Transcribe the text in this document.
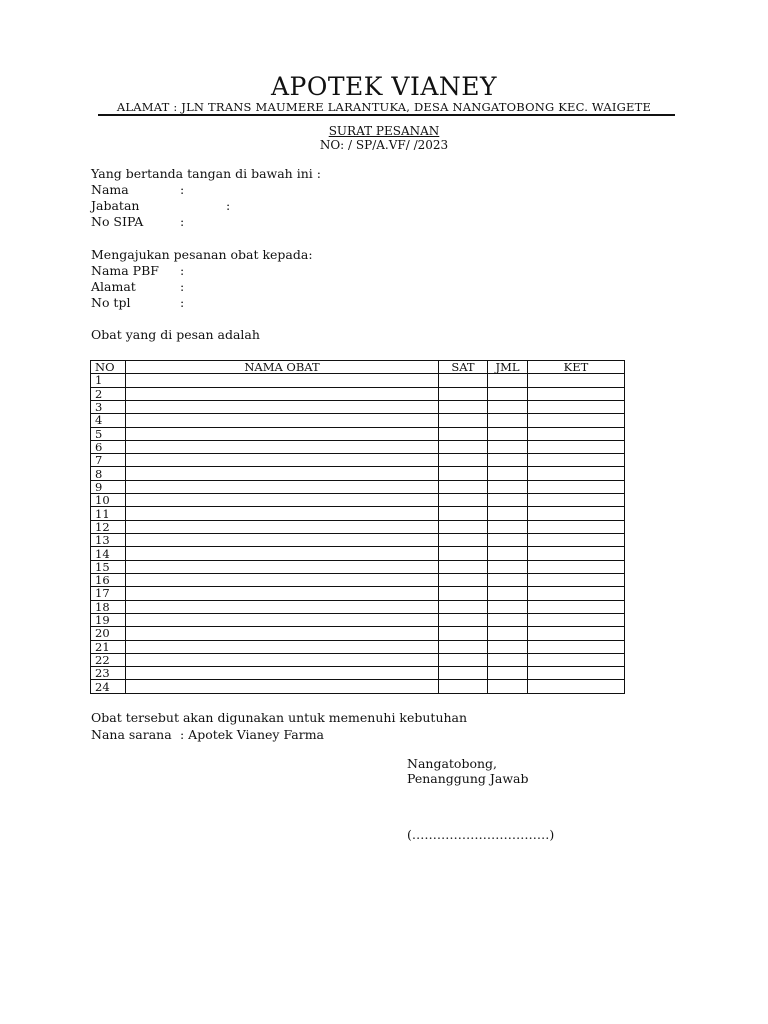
APOTEK VIANEY
ALAMAT : JLN TRANS MAUMERE LARANTUKA, DESA NANGATOBONG KEC. WAIGETE
SURAT PESANAN
NO: / SP/A.VF/ /2023
Yang bertanda tangan di bawah ini :
Nama	:
Jabatan	:
No SIPA	:
Mengajukan pesanan obat kepada:
Nama PBF :
Alamat	:
No tpl	:
Obat yang di pesan adalah
NO	NAMA OBAT	SAT	JML	KET
1				
2				
3				
4				
5				
6				
7				
8				
9				
10				
11				
12				
13				
14				
15				
16				
17				
18				
19				
20				
21				
22				
23				
24				
Obat tersebut akan digunakan untuk memenuhi kebutuhan
Nana sarana : Apotek Vianey Farma
Nangatobong,
Penanggung Jawab
(……………………………)
